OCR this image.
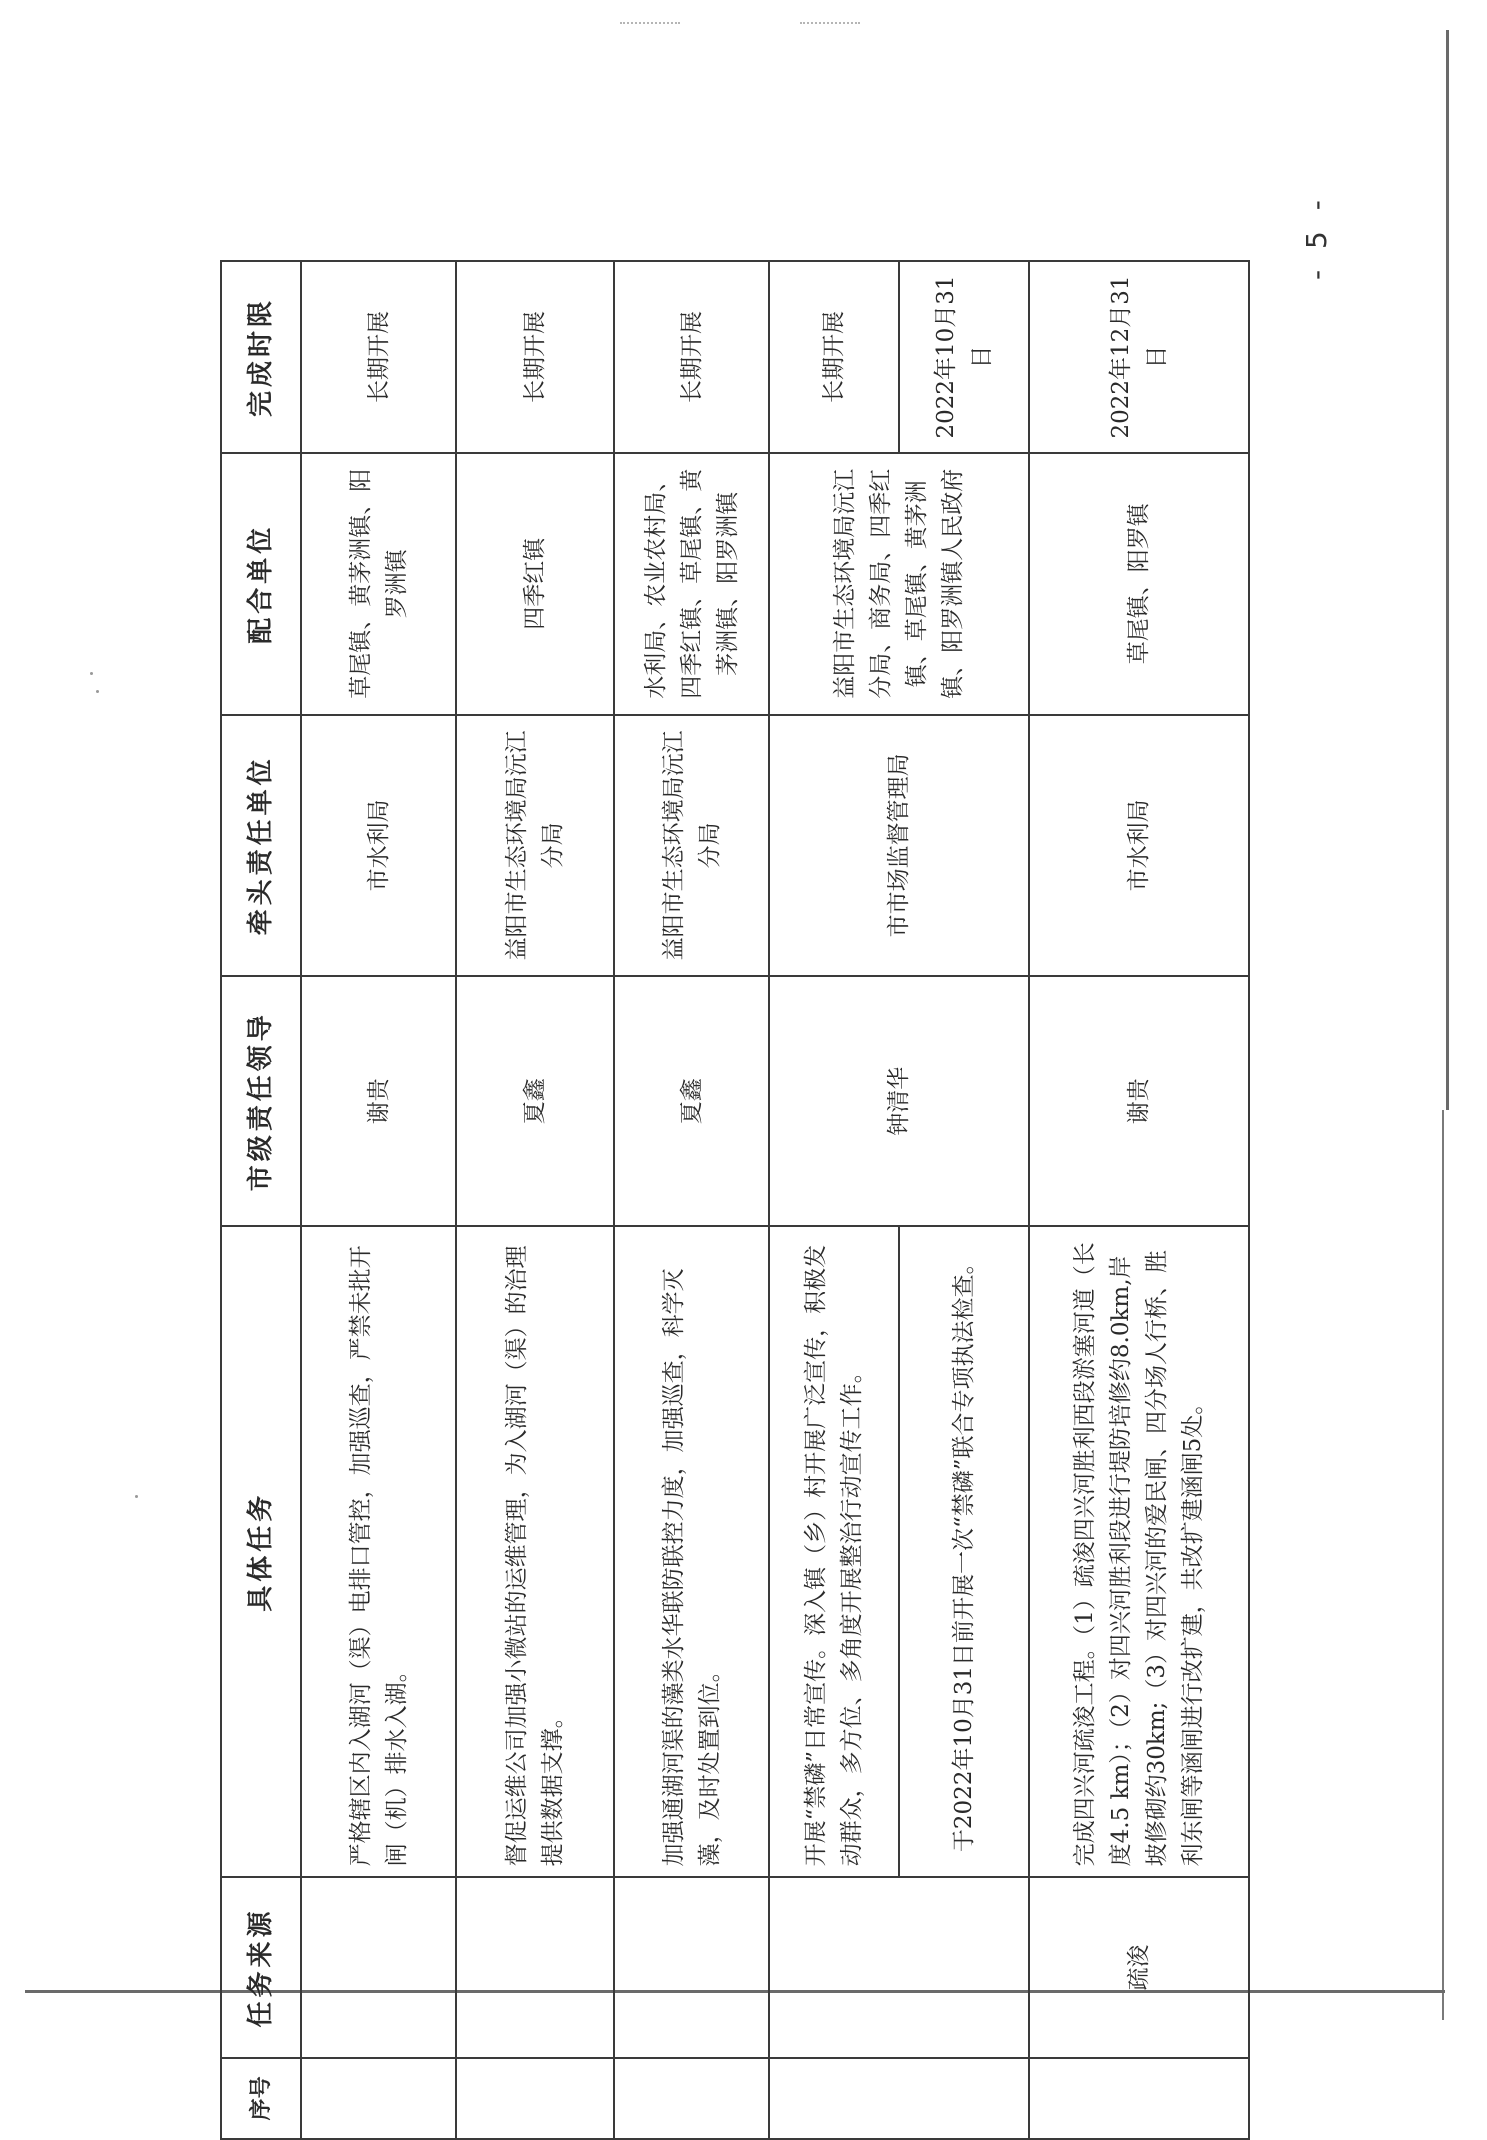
序号	任务来源	具体任务	市级责任领导	牵头责任单位	配合单位	完成时限
		严格辖区内入湖河（渠）电排口管控，加强巡查，严禁未批开闸（机）排水入湖。	谢贵	市水利局	草尾镇、黄茅洲镇、阳罗洲镇	长期开展
		督促运维公司加强小微站的运维管理，为入湖河（渠）的治理提供数据支撑。	夏鑫	益阳市生态环境局沅江分局	四季红镇	长期开展
		加强通湖河渠的藻类水华联防联控力度，加强巡查，科学灭藻，及时处置到位。	夏鑫	益阳市生态环境局沅江分局	水利局、农业农村局、四季红镇、草尾镇、黄茅洲镇、阳罗洲镇	长期开展
		开展“禁磷”日常宣传。深入镇（乡）村开展广泛宣传，积极发动群众，多方位、多角度开展整治行动宣传工作。	钟清华	市市场监督管理局	益阳市生态环境局沅江分局、商务局、四季红镇、草尾镇、黄茅洲镇、阳罗洲镇人民政府	长期开展
		于2022年10月31日前开展一次“禁磷”联合专项执法检查。				2022年10月31日
	疏浚	完成四兴河疏浚工程。（1）疏浚四兴河胜利西段淤塞河道（长度4.5 km）；（2）对四兴河胜利段进行堤防培修约8.0km,岸坡修砌约30km;（3）对四兴河的爱民闸、四分场人行桥、胜利东闸等涵闸进行改扩建，共改扩建涵闸5处。	谢贵	市水利局	草尾镇、阳罗镇	2022年12月31日
- 5 -
